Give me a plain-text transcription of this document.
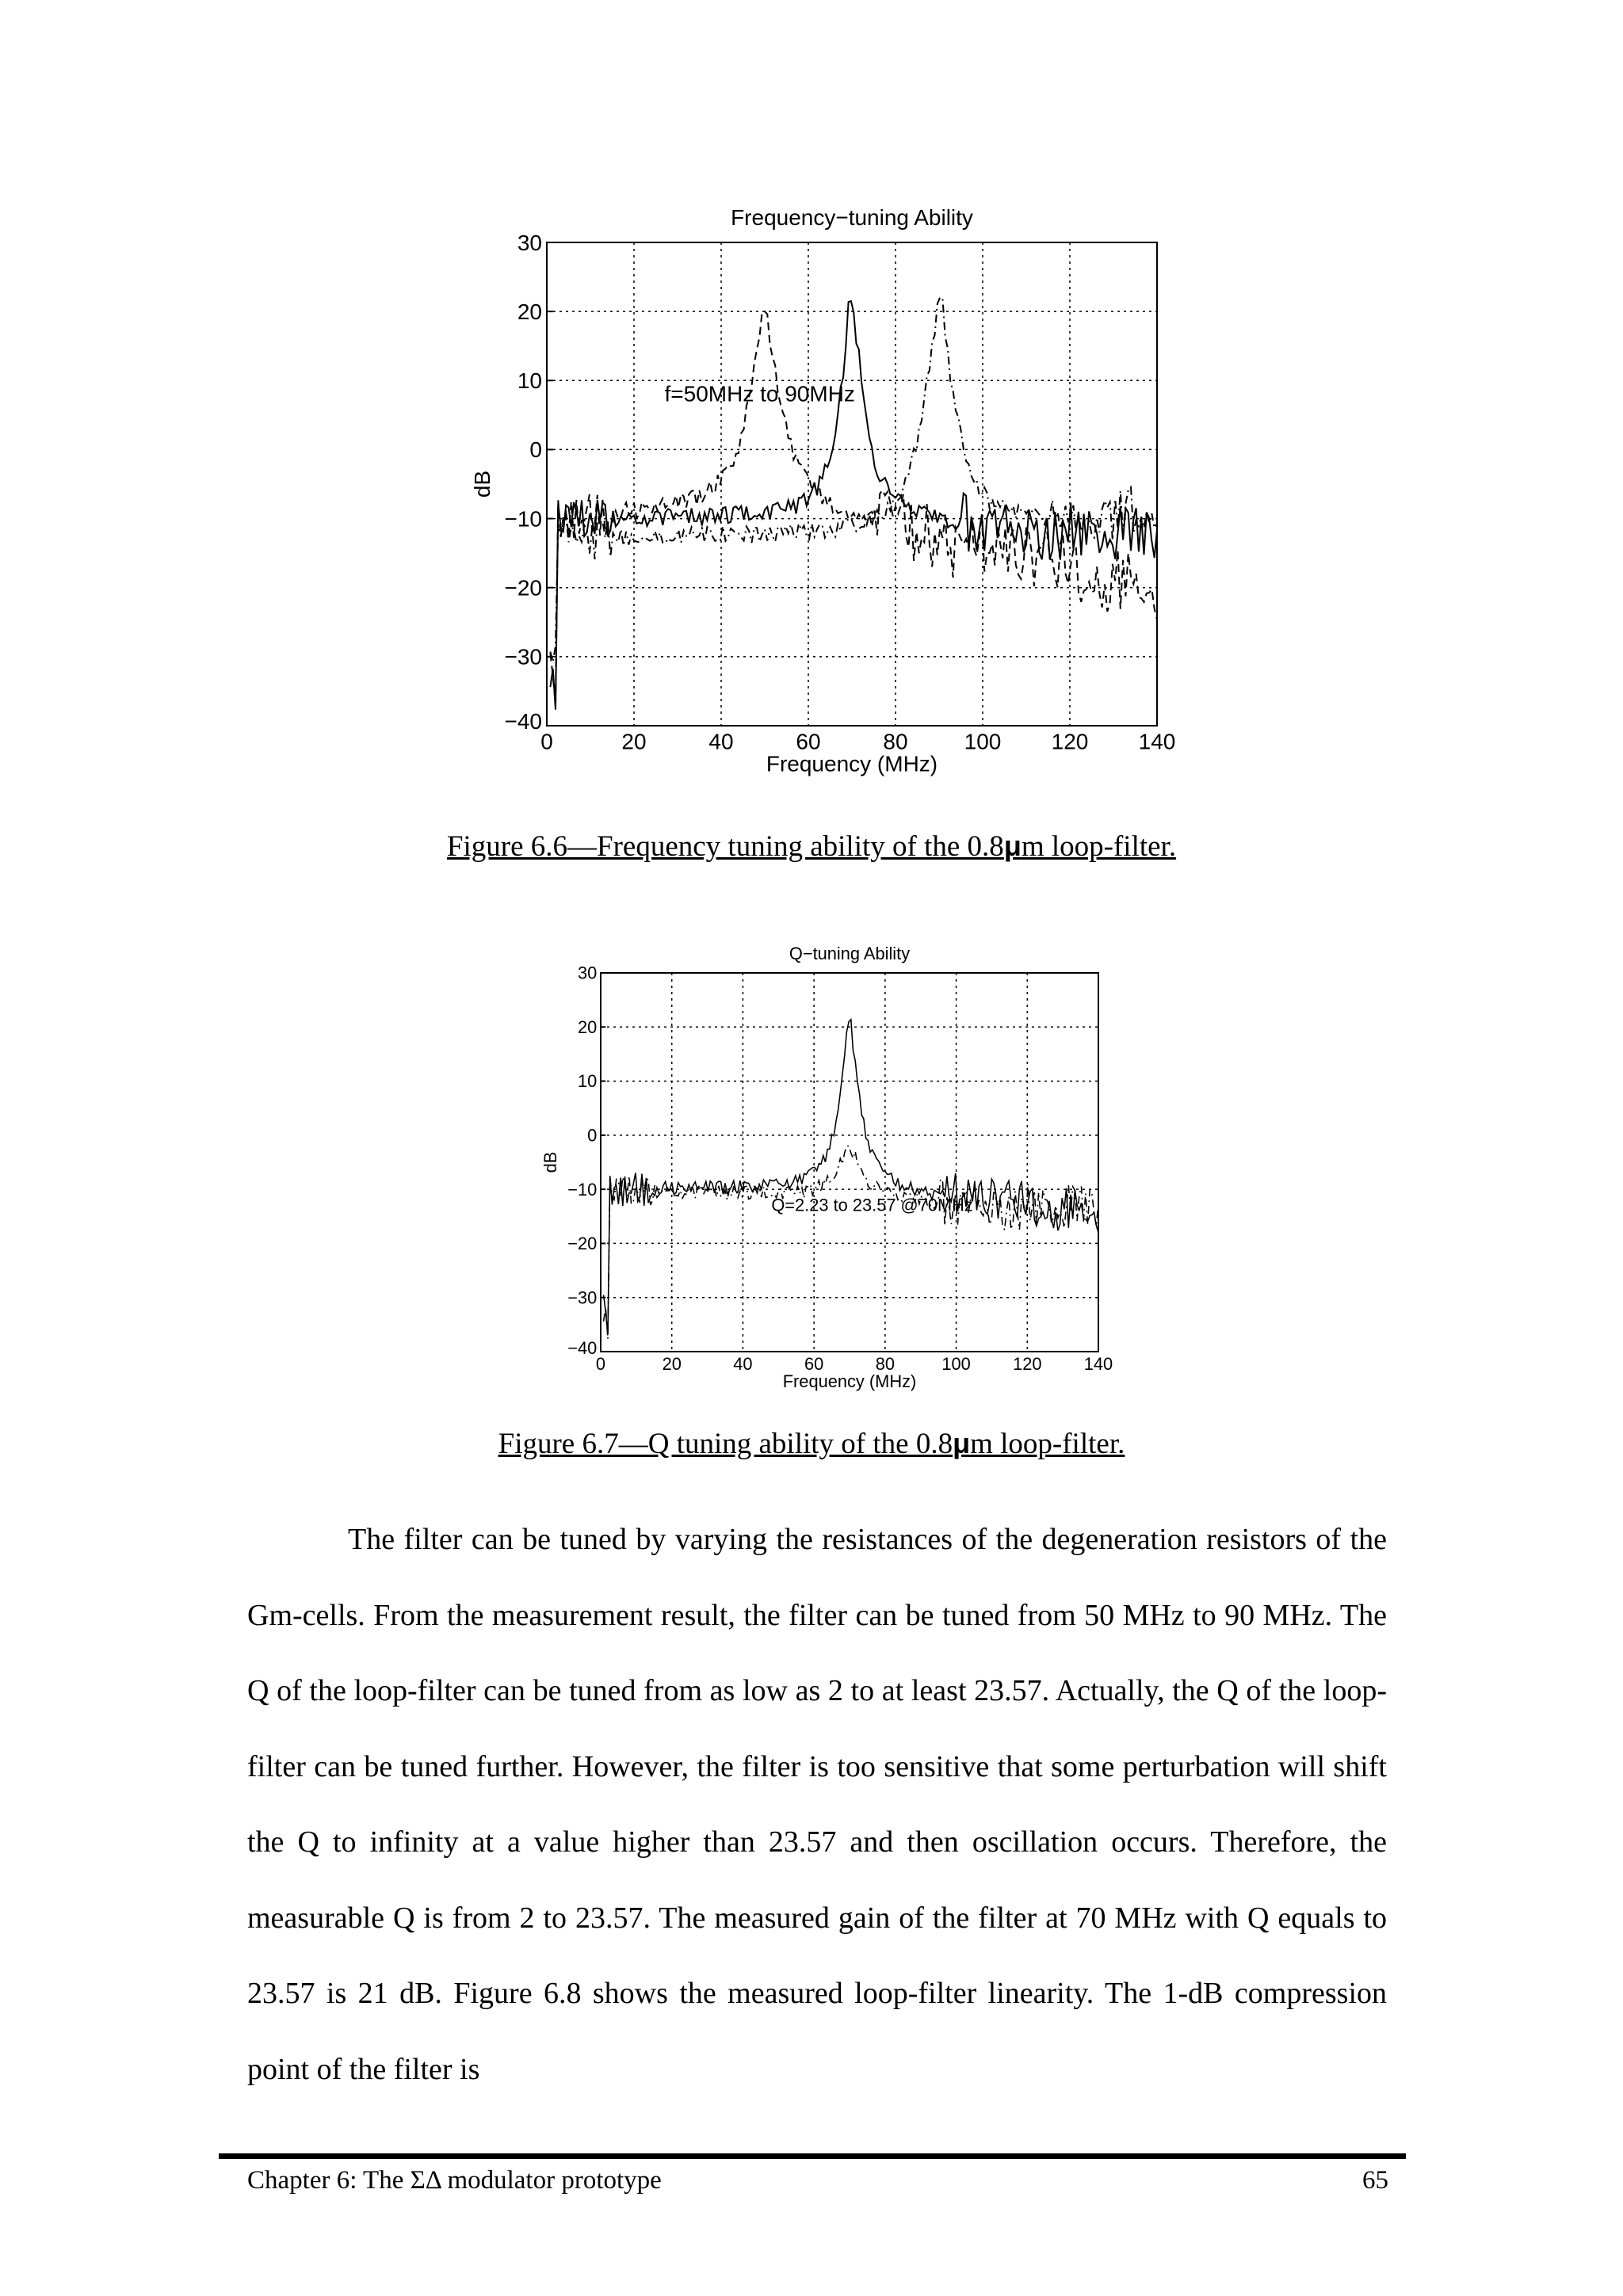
Frequency−tuning Ability
0	20	40	60	80	100 120 140
30
20
10
0
−10
−20
−30
−40
Frequency (MHz)
dB
f=50MHz to 90MHz
Figure 6.6—Frequency tuning ability of the 0.8μm loop-filter.
Q−tuning Ability
0	20	40	60	80	100 120 140
30
20
10
0
−10
−20
−30
−40
Frequency (MHz)
dB
Q=2.23 to 23.57 @70MHz
Figure 6.7—Q tuning ability of the 0.8μm loop-filter.

The filter can be tuned by varying the resistances of the degeneration resistors of the Gm-cells. From the measurement result, the filter can be tuned from 50 MHz to 90 MHz. The Q of the loop-filter can be tuned from as low as 2 to at least 23.57. Actually, the Q of the loop-filter can be tuned further. However, the filter is too sensitive that some perturbation will shift the Q to infinity at a value higher than 23.57 and then oscillation occurs. Therefore, the measurable Q is from 2 to 23.57. The measured gain of the filter at 70 MHz with Q equals to 23.57 is 21 dB. Figure 6.8 shows the measured loop-filter linearity. The 1-dB compression point of the filter is

Chapter 6: The ΣΔ modulator prototype	65
